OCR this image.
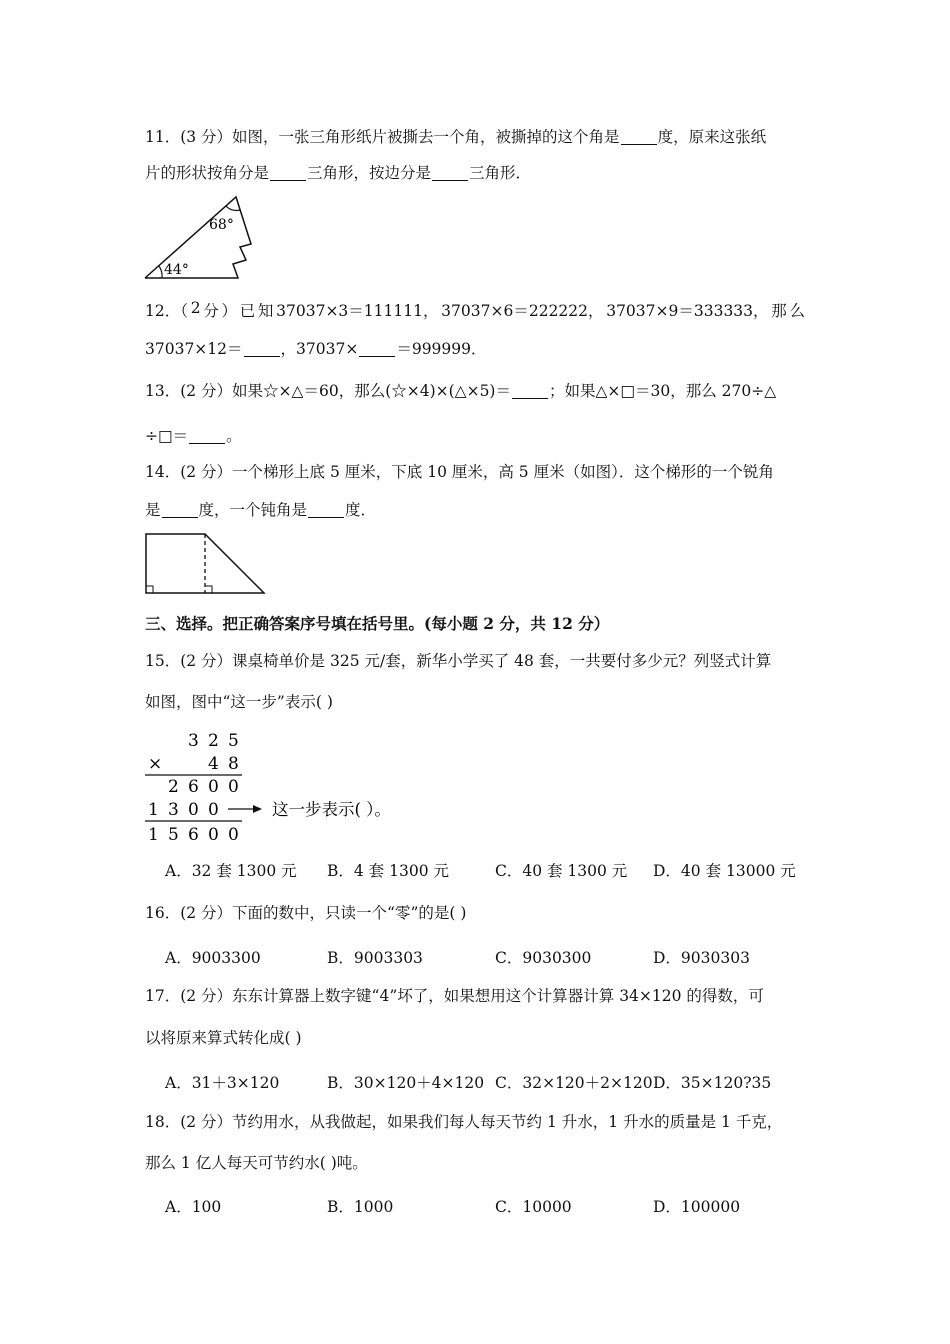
11．(3 分）如图，一张三角形纸片被撕去一个角，被撕掉的这个角是 度，原来这张纸
片的形状按角分是 三角形，按边分是 三角形．
68°
44°
12．（ 2 分 ） 已 知 37037×3＝111111， 37037×6＝222222， 37037×9＝333333， 那 么
37037×12＝ ，37037× ＝999999．
13．(2 分）如果☆×△＝60，那么(☆×4)×(△×5)＝ ；如果△×□＝30，那么 270÷△
÷□＝ 。
14．(2 分）一个梯形上底 5 厘米，下底 10 厘米，高 5 厘米（如图）．这个梯形的一个锐角
是 度，一个钝角是 度．
三、选择。把正确答案序号填在括号里。(每小题 2 分，共 12 分）
15．(2 分）课桌椅单价是 325 元/套，新华小学买了 48 套，一共要付多少元？列竖式计算
如图，图中“这一步”表示( )
3 2 5
×	4 8
2 6 0 0
1 3 0 0
1 5 6 0 0
这一步表示( ）。
A．32 套 1300 元 B．4 套 1300 元	C．40 套 1300 元 D．40 套 13000 元
16．(2 分）下面的数中，只读一个“零”的是( )
A．9003300	B．9003303	C．9030300	D．9030303
17．(2 分）东东计算器上数字键“4”坏了，如果想用这个计算器计算 34×120 的得数，可
以将原来算式转化成( )
A．31＋3×120	B．30×120＋4×120 C．32×120＋2×120 D．35×120?35
18．(2 分）节约用水，从我做起，如果我们每人每天节约 1 升水，1 升水的质量是 1 千克，
那么 1 亿人每天可节约水( )吨。
A．100	B．1000	C．10000	D．100000
